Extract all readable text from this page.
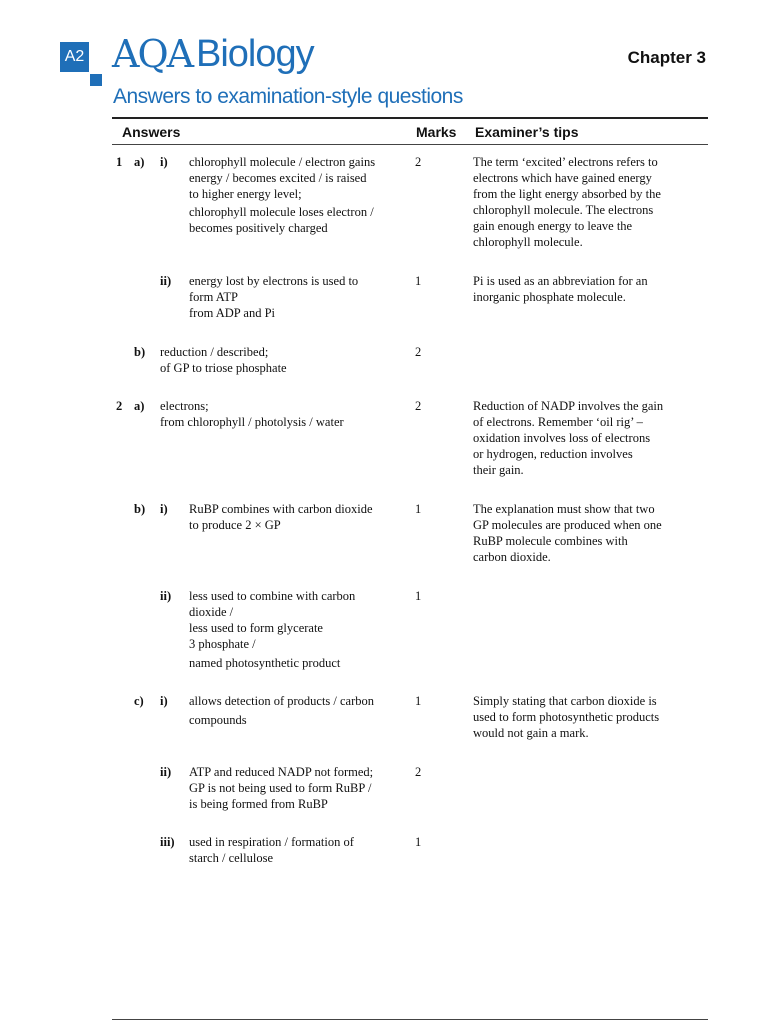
A2 AQA Biology	Chapter 3
Answers to examination-style questions
Answers	Marks Examiner’s tips
1 a) i) chlorophyll molecule / electron gains
energy / becomes excited / is raised
to higher energy level;
chlorophyll molecule loses electron /
becomes positively charged
2	The term ‘excited’ electrons refers to
electrons which have gained energy
from the light energy absorbed by the
chlorophyll molecule. The electrons
gain enough energy to leave the
chlorophyll molecule.
ii) energy lost by electrons is used to
form ATP
from ADP and Pi
1	Pi is used as an abbreviation for an
inorganic phosphate molecule.
b) reduction / described;
of GP to triose phosphate
2
2 a) electrons;
from chlorophyll / photolysis / water
2	Reduction of NADP involves the gain
of electrons. Remember ‘oil rig’ –
oxidation involves loss of electrons
or hydrogen, reduction involves
their gain.
b) i) RuBP combines with carbon dioxide
to produce 2 × GP
1	The explanation must show that two
GP molecules are produced when one
RuBP molecule combines with
carbon dioxide.
ii) less used to combine with carbon
dioxide /
less used to form glycerate
3 phosphate /
named photosynthetic product
1
c) i) allows detection of products / carbon
compounds
1	Simply stating that carbon dioxide is
used to form photosynthetic products
would not gain a mark.
ii) ATP and reduced NADP not formed;
GP is not being used to form RuBP /
is being formed from RuBP
2
iii) used in respiration / formation of
starch / cellulose
1
